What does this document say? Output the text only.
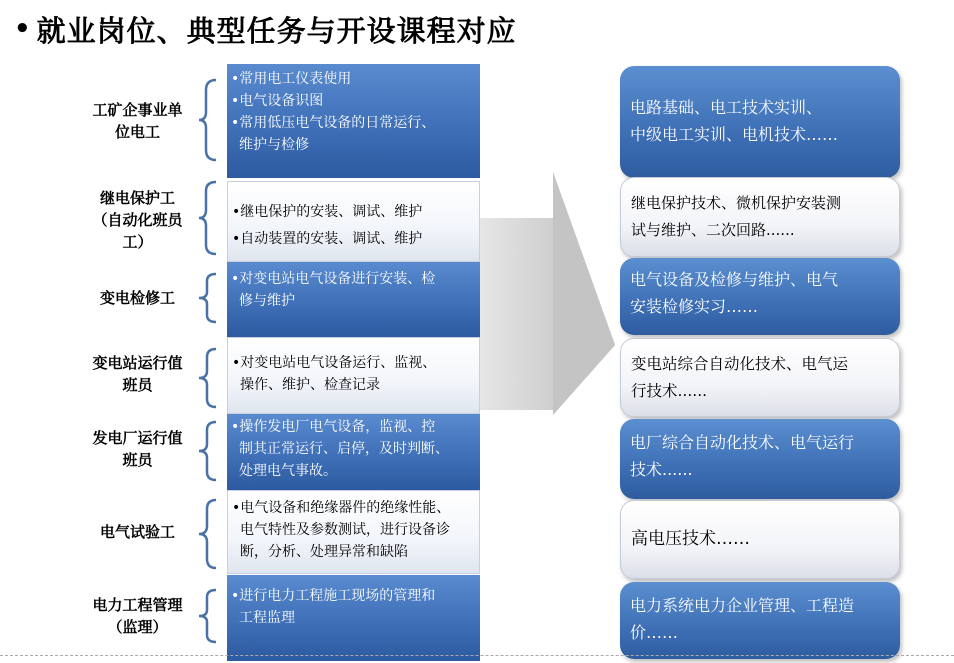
• 就业岗位、典型任务与开设课程对应
工矿企事业单
位电工
•常用电工仪表使用
•电气设备识图
•常用低压电气设备的日常运行、
维护与检修
电路基础、电工技术实训、
中级电工实训、电机技术……
继电保护工
（自动化班员
工）
•继电保护的安装、调试、维护
•自动装置的安装、调试、维护
继电保护技术、微机保护安装测
试与维护、二次回路......
变电检修工
•对变电站电气设备进行安装、检
修与维护
电气设备及检修与维护、电气
安装检修实习……
变电站运行值
班员
•对变电站电气设备运行、监视、
操作、维护、检查记录
变电站综合自动化技术、电气运
行技术......
发电厂运行值
班员
•操作发电厂电气设备，监视、控
制其正常运行、启停，及时判断、
处理电气事故。
电厂综合自动化技术、电气运行
技术......
电气试验工
•电气设备和绝缘器件的绝缘性能、
电气特性及参数测试，进行设备诊
断，分析、处理异常和缺陷
高电压技术……
电力工程管理
（监理）
•进行电力工程施工现场的管理和
工程监理
电力系统电力企业管理、工程造
价……
